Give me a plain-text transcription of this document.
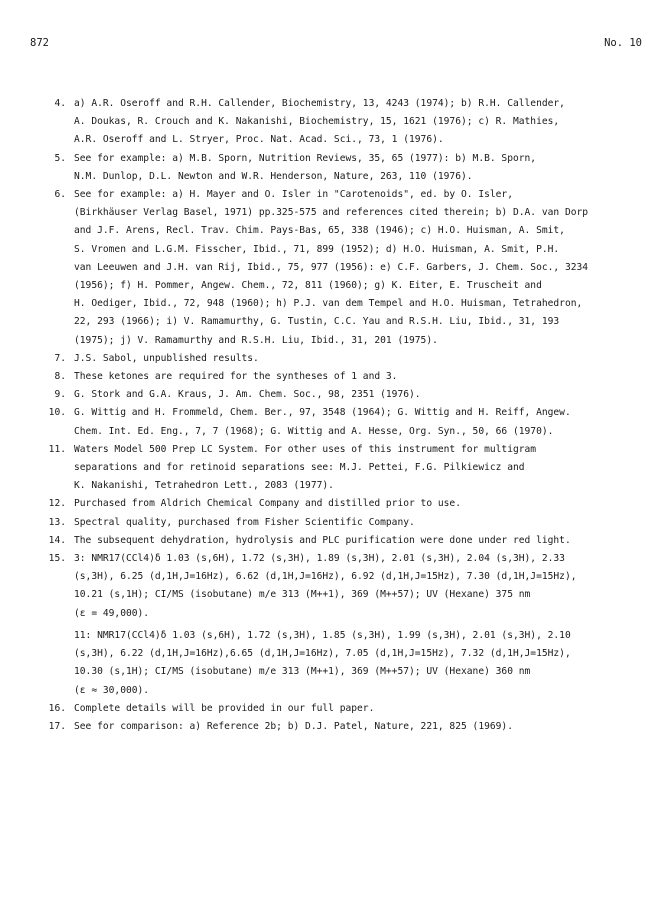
872	No. 10
4. a) A.R. Oseroff and R.H. Callender, Biochemistry, 13, 4243 (1974); b) R.H. Callender,
A. Doukas, R. Crouch and K. Nakanishi, Biochemistry, 15, 1621 (1976); c) R. Mathies,
A.R. Oseroff and L. Stryer, Proc. Nat. Acad. Sci., 73, 1 (1976).
5. See for example: a) M.B. Sporn, Nutrition Reviews, 35, 65 (1977): b) M.B. Sporn,
N.M. Dunlop, D.L. Newton and W.R. Henderson, Nature, 263, 110 (1976).
6. See for example: a) H. Mayer and O. Isler in "Carotenoids", ed. by O. Isler,
(Birkhäuser Verlag Basel, 1971) pp.325-575 and references cited therein; b) D.A. van Dorp
and J.F. Arens, Recl. Trav. Chim. Pays-Bas, 65, 338 (1946); c) H.O. Huisman, A. Smit,
S. Vromen and L.G.M. Fisscher, Ibid., 71, 899 (1952); d) H.O. Huisman, A. Smit, P.H.
van Leeuwen and J.H. van Rij, Ibid., 75, 977 (1956): e) C.F. Garbers, J. Chem. Soc., 3234
(1956); f) H. Pommer, Angew. Chem., 72, 811 (1960); g) K. Eiter, E. Truscheit and
H. Oediger, Ibid., 72, 948 (1960); h) P.J. van dem Tempel and H.O. Huisman, Tetrahedron,
22, 293 (1966); i) V. Ramamurthy, G. Tustin, C.C. Yau and R.S.H. Liu, Ibid., 31, 193
(1975); j) V. Ramamurthy and R.S.H. Liu, Ibid., 31, 201 (1975).
7. J.S. Sabol, unpublished results.
8. These ketones are required for the syntheses of 1 and 3.
9. G. Stork and G.A. Kraus, J. Am. Chem. Soc., 98, 2351 (1976).
10. G. Wittig and H. Frommeld, Chem. Ber., 97, 3548 (1964); G. Wittig and H. Reiff, Angew.
Chem. Int. Ed. Eng., 7, 7 (1968); G. Wittig and A. Hesse, Org. Syn., 50, 66 (1970).
11. Waters Model 500 Prep LC System. For other uses of this instrument for multigram
separations and for retinoid separations see: M.J. Pettei, F.G. Pilkiewicz and
K. Nakanishi, Tetrahedron Lett., 2083 (1977).
12. Purchased from Aldrich Chemical Company and distilled prior to use.
13. Spectral quality, purchased from Fisher Scientific Company.
14. The subsequent dehydration, hydrolysis and PLC purification were done under red light.
15. 3: NMR17(CCl4)δ 1.03 (s,6H), 1.72 (s,3H), 1.89 (s,3H), 2.01 (s,3H), 2.04 (s,3H), 2.33
(s,3H), 6.25 (d,1H,J=16Hz), 6.62 (d,1H,J=16Hz), 6.92 (d,1H,J=15Hz), 7.30 (d,1H,J=15Hz),
10.21 (s,1H); CI/MS (isobutane) m/e 313 (M++1), 369 (M++57); UV (Hexane) 375 nm
(ε = 49,000).
11: NMR17(CCl4)δ 1.03 (s,6H), 1.72 (s,3H), 1.85 (s,3H), 1.99 (s,3H), 2.01 (s,3H), 2.10
(s,3H), 6.22 (d,1H,J=16Hz),6.65 (d,1H,J=16Hz), 7.05 (d,1H,J=15Hz), 7.32 (d,1H,J=15Hz),
10.30 (s,1H); CI/MS (isobutane) m/e 313 (M++1), 369 (M++57); UV (Hexane) 360 nm
(ε ≈ 30,000).
16. Complete details will be provided in our full paper.
17. See for comparison: a) Reference 2b; b) D.J. Patel, Nature, 221, 825 (1969).
